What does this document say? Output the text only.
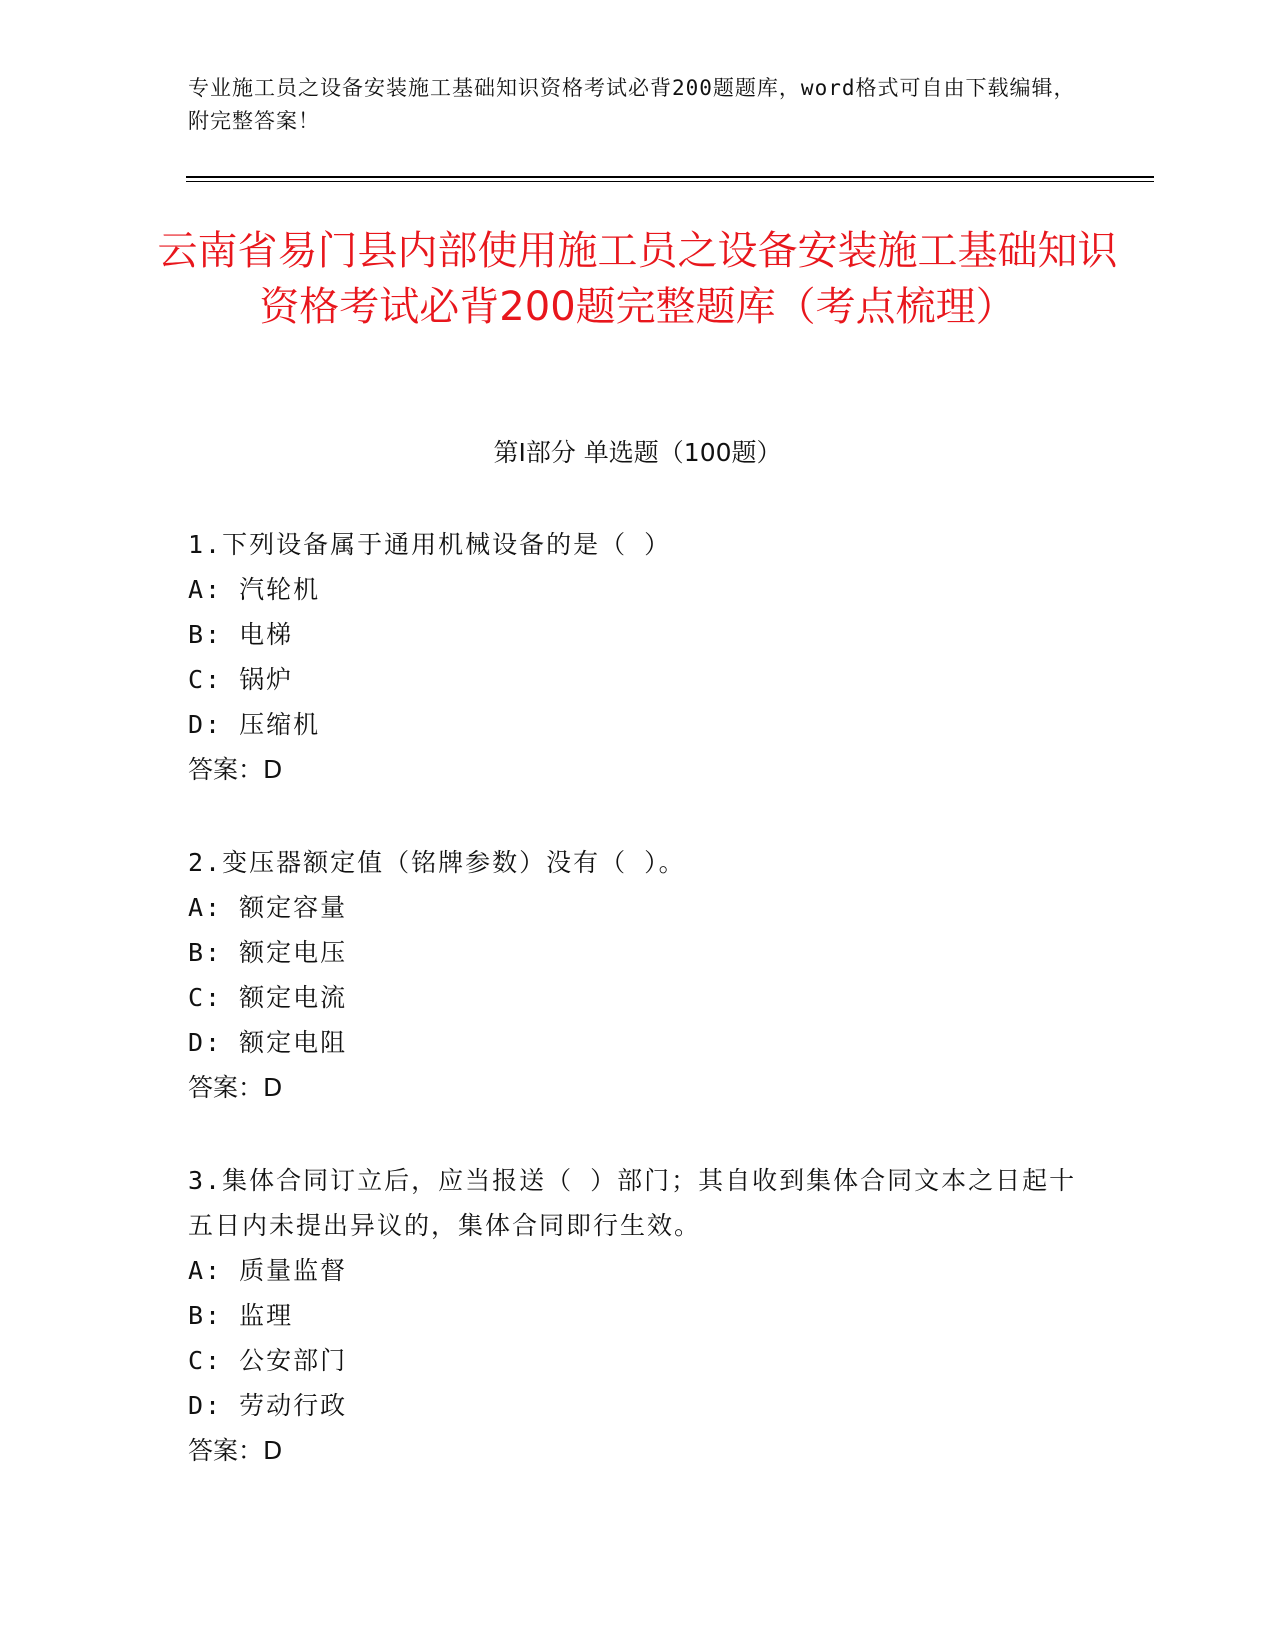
专业施工员之设备安装施工基础知识资格考试必背200题题库，word格式可自由下载编辑，附完整答案！
云南省易门县内部使用施工员之设备安装施工基础知识资格考试必背200题完整题库（考点梳理）
第I部分 单选题（100题）
1.下列设备属于通用机械设备的是（ ）
A: 汽轮机
B: 电梯
C: 锅炉
D: 压缩机
答案：D
2.变压器额定值（铭牌参数）没有（ ）。
A: 额定容量
B: 额定电压
C: 额定电流
D: 额定电阻
答案：D
3.集体合同订立后，应当报送（ ）部门；其自收到集体合同文本之日起十五日内未提出异议的，集体合同即行生效。
A: 质量监督
B: 监理
C: 公安部门
D: 劳动行政
答案：D
